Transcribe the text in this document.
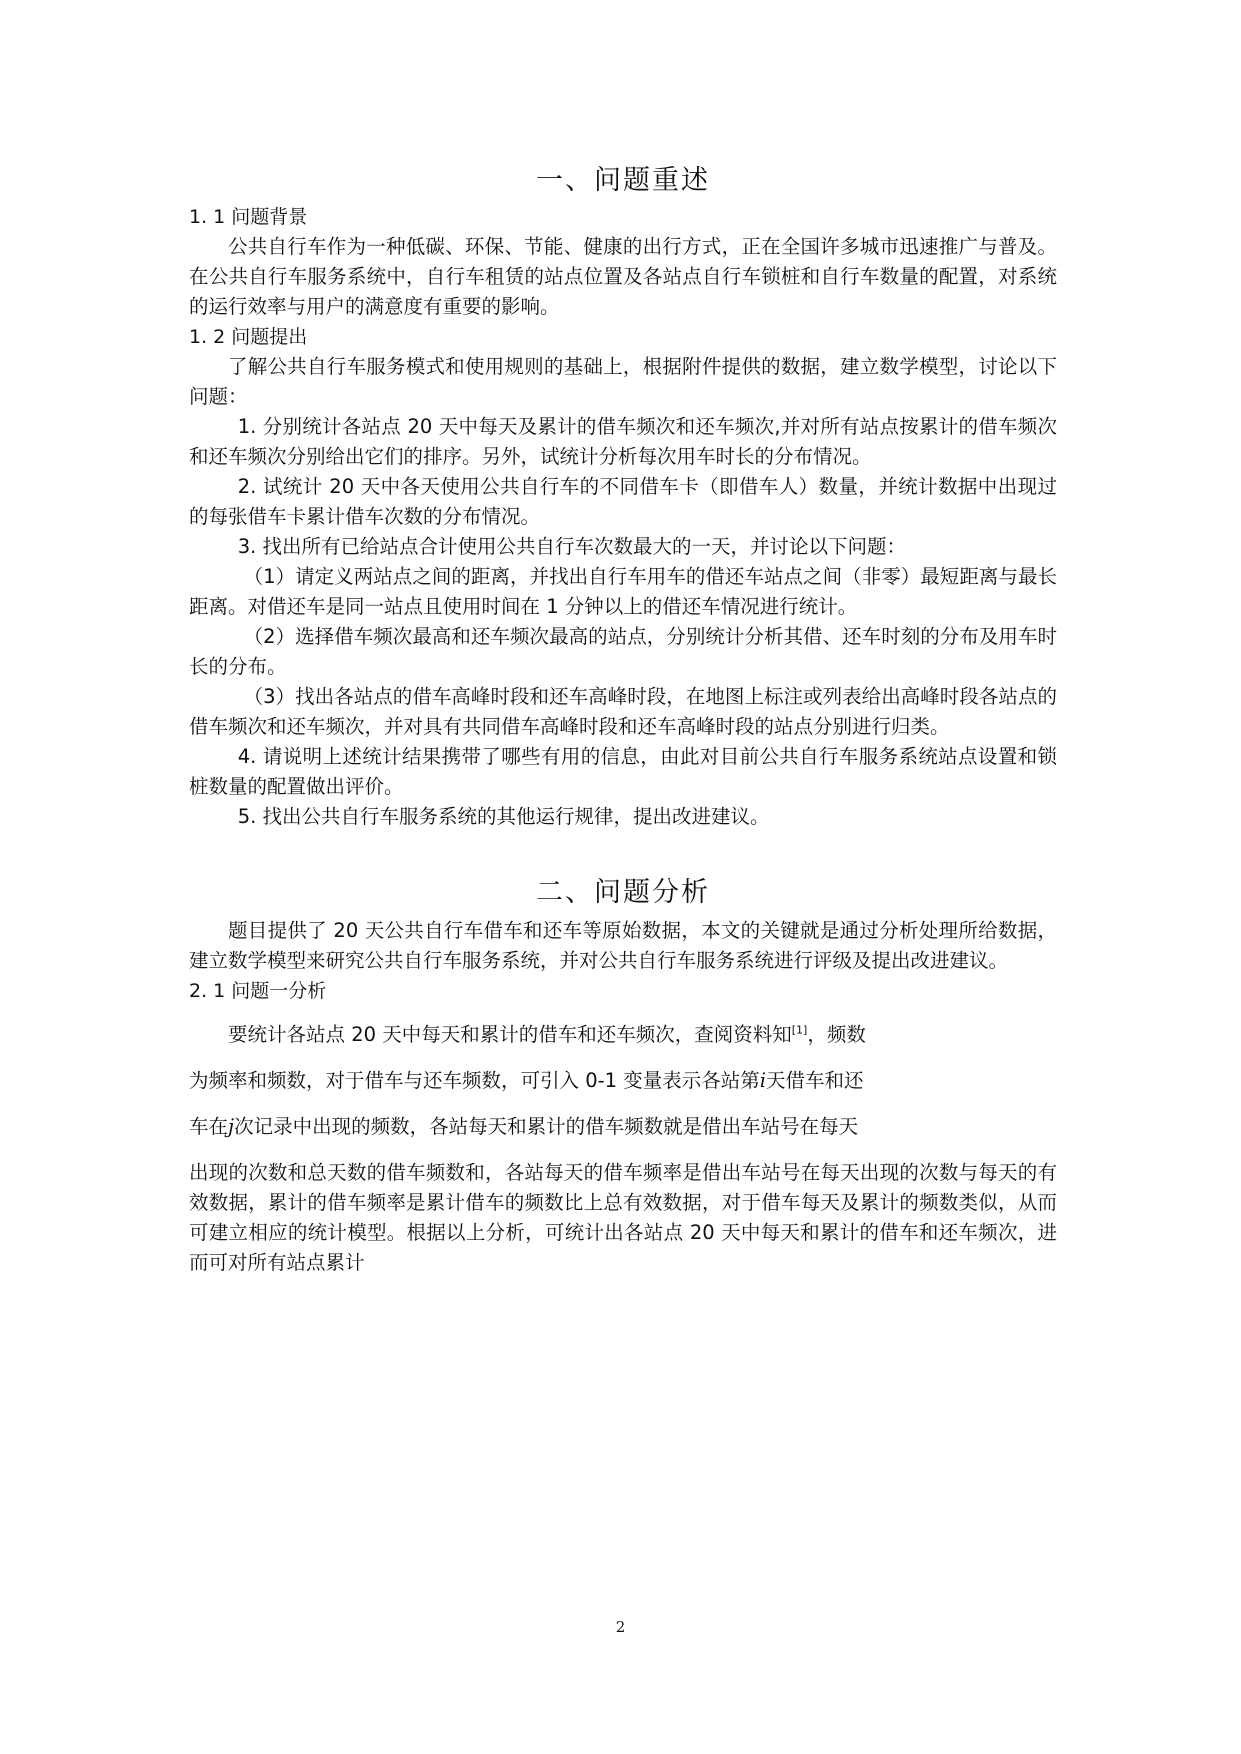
一、问题重述
1. 1 问题背景

公共自行车作为一种低碳、环保、节能、健康的出行方式，正在全国许多城市迅速推广与普及。在公共自行车服务系统中，自行车租赁的站点位置及各站点自行车锁桩和自行车数量的配置，对系统的运行效率与用户的满意度有重要的影响。

1. 2 问题提出

了解公共自行车服务模式和使用规则的基础上，根据附件提供的数据，建立数学模型，讨论以下问题：

1. 分别统计各站点 20 天中每天及累计的借车频次和还车频次,并对所有站点按累计的借车频次和还车频次分别给出它们的排序。另外，试统计分析每次用车时长的分布情况。

2. 试统计 20 天中各天使用公共自行车的不同借车卡（即借车人）数量，并统计数据中出现过的每张借车卡累计借车次数的分布情况。

3. 找出所有已给站点合计使用公共自行车次数最大的一天，并讨论以下问题：

（1）请定义两站点之间的距离，并找出自行车用车的借还车站点之间（非零）最短距离与最长距离。对借还车是同一站点且使用时间在 1 分钟以上的借还车情况进行统计。

（2）选择借车频次最高和还车频次最高的站点，分别统计分析其借、还车时刻的分布及用车时长的分布。

（3）找出各站点的借车高峰时段和还车高峰时段，在地图上标注或列表给出高峰时段各站点的借车频次和还车频次，并对具有共同借车高峰时段和还车高峰时段的站点分别进行归类。

4. 请说明上述统计结果携带了哪些有用的信息，由此对目前公共自行车服务系统站点设置和锁桩数量的配置做出评价。

5. 找出公共自行车服务系统的其他运行规律，提出改进建议。

二、问题分析

题目提供了 20 天公共自行车借车和还车等原始数据，本文的关键就是通过分析处理所给数据，建立数学模型来研究公共自行车服务系统，并对公共自行车服务系统进行评级及提出改进建议。

2. 1 问题一分析

要统计各站点 20 天中每天和累计的借车和还车频次，查阅资料知[1]，频数

为频率和频数，对于借车与还车频数，可引入 0-1 变量表示各站第i天借车和还

车在j次记录中出现的频数，各站每天和累计的借车频数就是借出车站号在每天

出现的次数和总天数的借车频数和，各站每天的借车频率是借出车站号在每天出现的次数与每天的有效数据，累计的借车频率是累计借车的频数比上总有效数据，对于借车每天及累计的频数类似，从而可建立相应的统计模型。根据以上分析，可统计出各站点 20 天中每天和累计的借车和还车频次，进而可对所有站点累计

2
